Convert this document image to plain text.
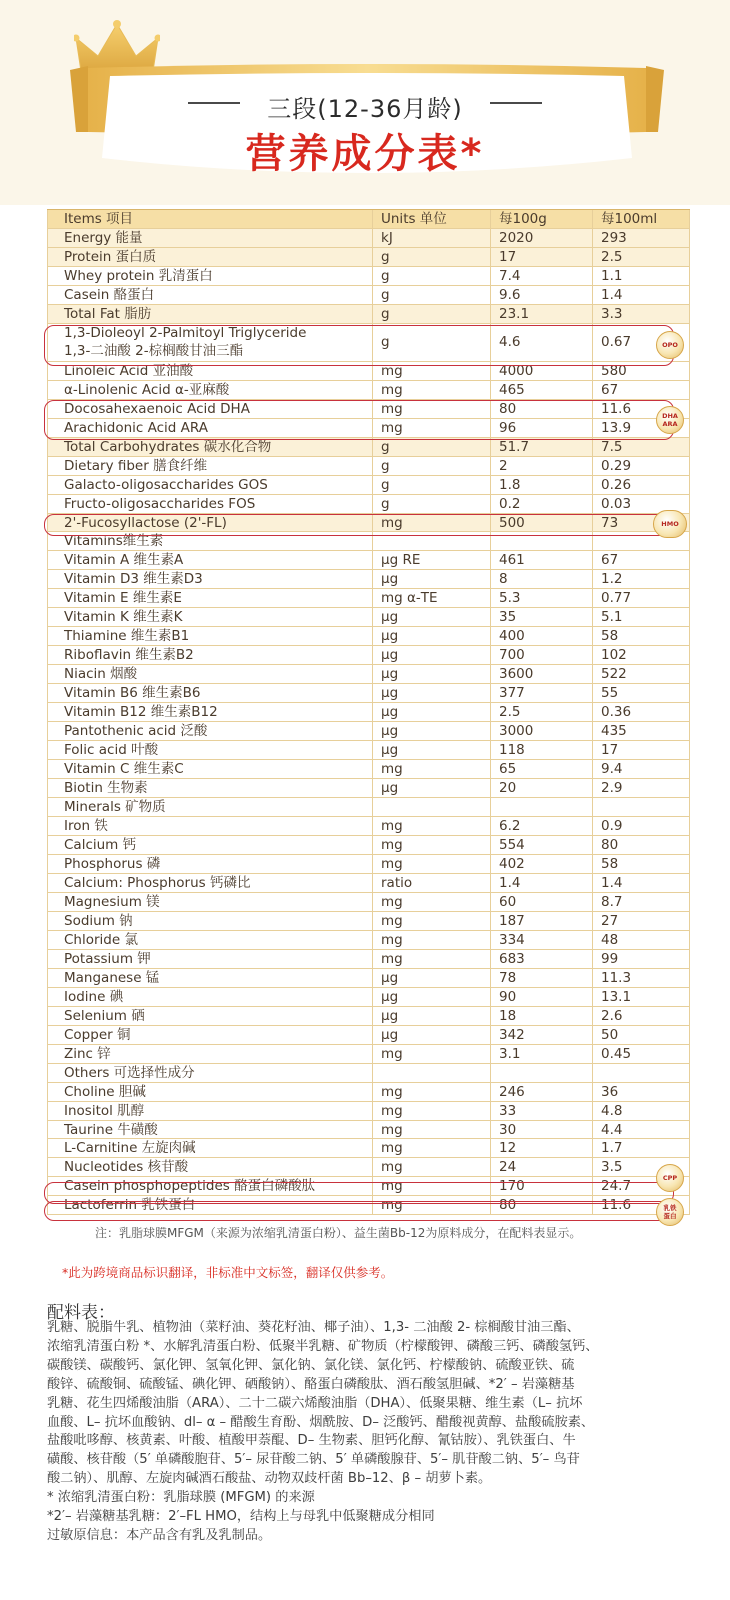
三段(12-36月龄)
营养成分表*
Items 项目	Units 单位	每100g	每100ml
Energy 能量	kJ	2020	293
Protein 蛋白质	g	17	2.5
Whey protein 乳清蛋白	g	7.4	1.1
Casein 酪蛋白	g	9.6	1.4
Total Fat 脂肪	g	23.1	3.3
1,3-Dioleoyl 2-Palmitoyl Triglyceride
1,3-二油酸 2-棕榈酸甘油三酯
g	4.6	0.67
Linoleic Acid 亚油酸	mg	4000	580
α-Linolenic Acid α-亚麻酸	mg	465	67
Docosahexaenoic Acid DHA	mg	80	11.6
Arachidonic Acid ARA	mg	96	13.9
Total Carbohydrates 碳水化合物	g	51.7	7.5
Dietary fiber 膳食纤维	g	2	0.29
Galacto-oligosaccharides GOS	g	1.8	0.26
Fructo-oligosaccharides FOS	g	0.2	0.03
2'-Fucosyllactose (2'-FL)	mg	500	73
Vitamins维生素
Vitamin A 维生素A	μg RE	461	67
Vitamin D3 维生素D3	μg	8	1.2
Vitamin E 维生素E	mg α-TE	5.3	0.77
Vitamin K 维生素K	μg	35	5.1
Thiamine 维生素B1	μg	400	58
Riboflavin 维生素B2	μg	700	102
Niacin 烟酸	μg	3600	522
Vitamin B6 维生素B6	μg	377	55
Vitamin B12 维生素B12	μg	2.5	0.36
Pantothenic acid 泛酸	μg	3000	435
Folic acid 叶酸	μg	118	17
Vitamin C 维生素C	mg	65	9.4
Biotin 生物素	μg	20	2.9
Minerals 矿物质
Iron 铁	mg	6.2	0.9
Calcium 钙	mg	554	80
Phosphorus 磷	mg	402	58
Calcium: Phosphorus 钙磷比	ratio	1.4	1.4
Magnesium 镁	mg	60	8.7
Sodium 钠	mg	187	27
Chloride 氯	mg	334	48
Potassium 钾	mg	683	99
Manganese 锰	μg	78	11.3
Iodine 碘	μg	90	13.1
Selenium 硒	μg	18	2.6
Copper 铜	μg	342	50
Zinc 锌	mg	3.1	0.45
Others 可选择性成分
Choline 胆碱	mg	246	36
Inositol 肌醇	mg	33	4.8
Taurine 牛磺酸	mg	30	4.4
L-Carnitine 左旋肉碱	mg	12	1.7
Nucleotides 核苷酸	mg	24	3.5
Casein phosphopeptides 酪蛋白磷酸肽	mg	170	24.7
Lactoferrin 乳铁蛋白	mg	80	11.6
OPO
DHA
ARA
HMO
CPP
乳铁
蛋白
注：乳脂球膜MFGM（来源为浓缩乳清蛋白粉）、益生菌Bb-12为原料成分，在配料表显示。
*此为跨境商品标识翻译，非标准中文标签，翻译仅供参考。
配料表：
乳糖、脱脂牛乳、植物油（菜籽油、葵花籽油、椰子油）、1,3- 二油酸 2- 棕榈酸甘油三酯、
浓缩乳清蛋白粉 *、水解乳清蛋白粉、低聚半乳糖、矿物质（柠檬酸钾、磷酸三钙、磷酸氢钙、
碳酸镁、碳酸钙、氯化钾、氢氧化钾、氯化钠、氯化镁、氯化钙、柠檬酸钠、硫酸亚铁、硫
酸锌、硫酸铜、硫酸锰、碘化钾、硒酸钠）、酪蛋白磷酸肽、酒石酸氢胆碱、*2′ – 岩藻糖基
乳糖、花生四烯酸油脂（ARA）、二十二碳六烯酸油脂（DHA）、低聚果糖、维生素（L– 抗坏
血酸、L– 抗坏血酸钠、dl– α – 醋酸生育酚、烟酰胺、D– 泛酸钙、醋酸视黄醇、盐酸硫胺素、
盐酸吡哆醇、核黄素、叶酸、植酸甲萘醌、D– 生物素、胆钙化醇、氰钴胺）、乳铁蛋白、牛
磺酸、核苷酸（5′ 单磷酸胞苷、5′– 尿苷酸二钠、5′ 单磷酸腺苷、5′– 肌苷酸二钠、5′– 鸟苷
酸二钠）、肌醇、左旋肉碱酒石酸盐、动物双歧杆菌 Bb–12、β – 胡萝卜素。
* 浓缩乳清蛋白粉：乳脂球膜 (MFGM) 的来源
*2′– 岩藻糖基乳糖：2′–FL HMO，结构上与母乳中低聚糖成分相同
过敏原信息：本产品含有乳及乳制品。
